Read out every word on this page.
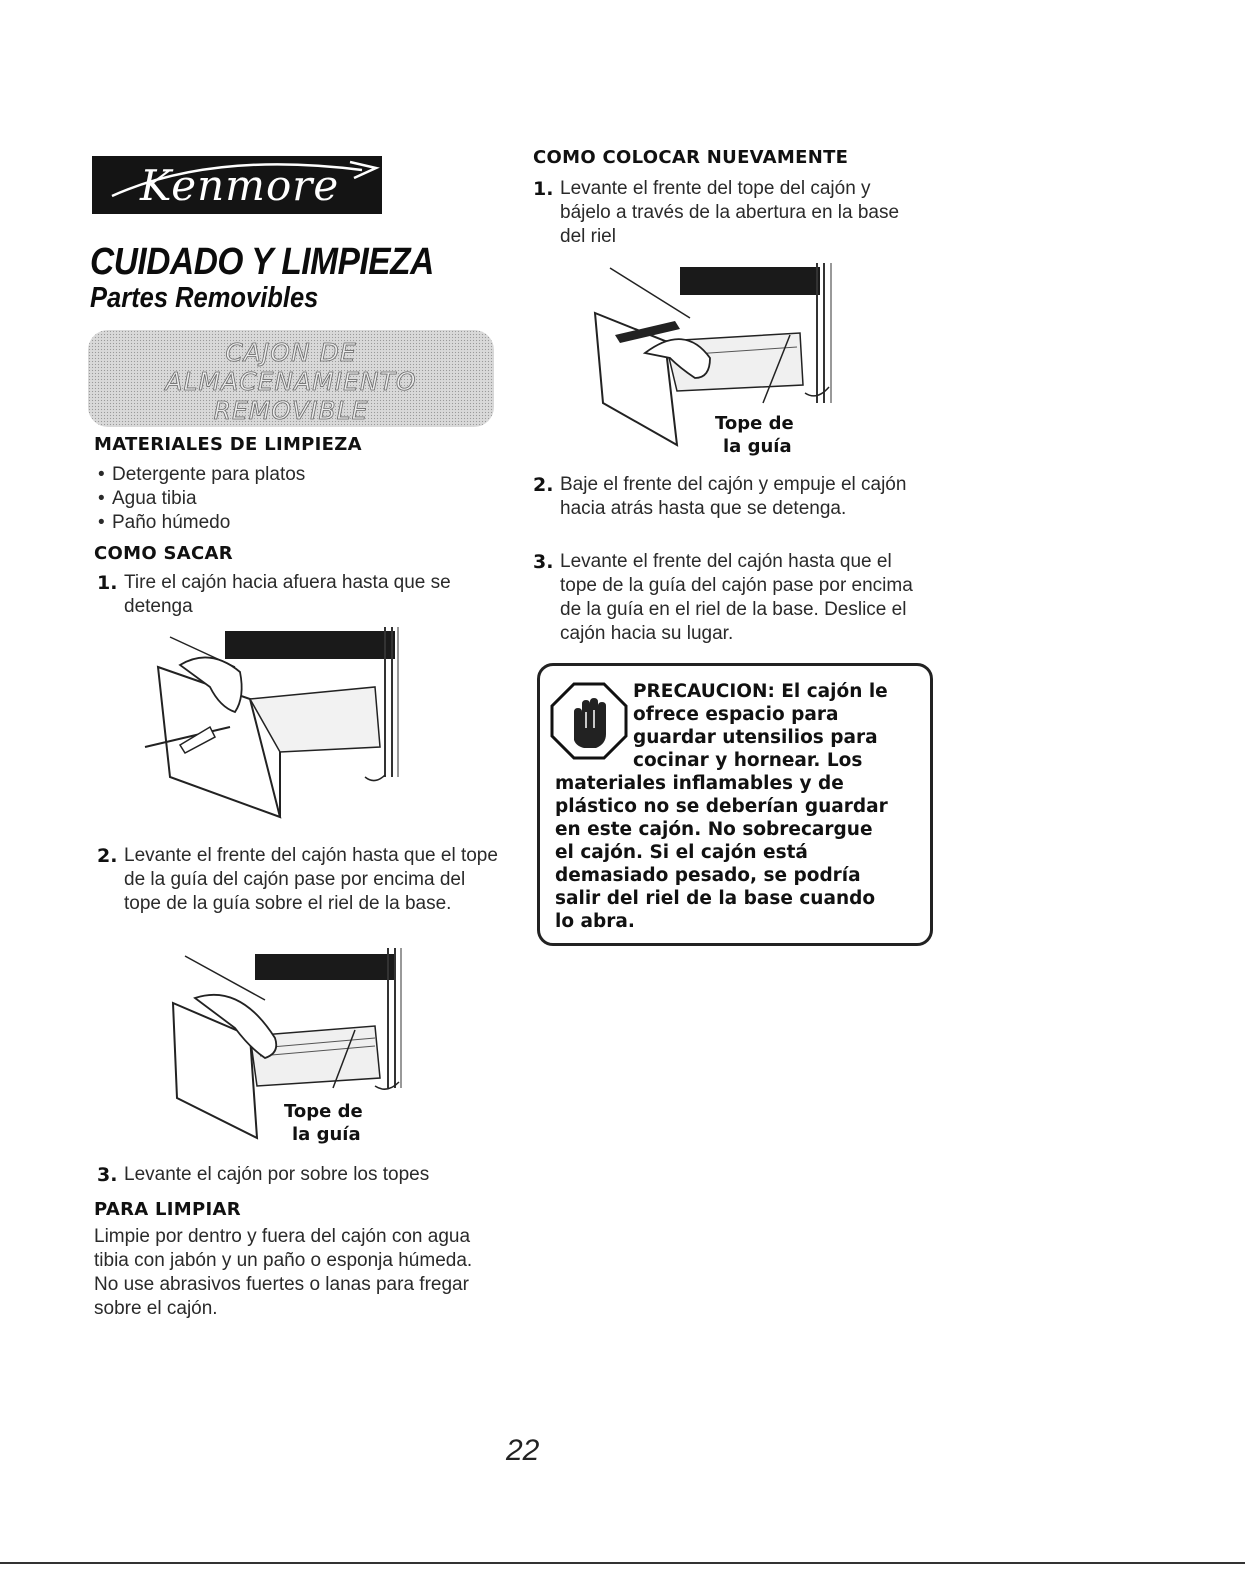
Kenmore
CUIDADO Y LIMPIEZA
Partes Removibles
CAJON DE
ALMACENAMIENTO
REMOVIBLE
MATERIALES DE LIMPIEZA
• Detergente para platos
• Agua tibia
• Paño húmedo
COMO SACAR
1. Tire el cajón hacia afuera hasta que se detenga
2. Levante el frente del cajón hasta que el tope de la guía del cajón pase por encima del tope de la guía sobre el riel de la base.
Tope de
la guía
3. Levante el cajón por sobre los topes
PARA LIMPIAR
Limpie por dentro y fuera del cajón con agua tibia con jabón y un paño o esponja húmeda. No use abrasivos fuertes o lanas para fregar sobre el cajón.
COMO COLOCAR NUEVAMENTE
1. Levante el frente del tope del cajón y bájelo a través de la abertura en la base del riel
Tope de
la guía
2. Baje el frente del cajón y empuje el cajón hacia atrás hasta que se detenga.
3. Levante el frente del cajón hasta que el tope de la guía del cajón pase por encima de la guía en el riel de la base. Deslice el cajón hacia su lugar.
PRECAUCION: El cajón le
ofrece espacio para
guardar utensilios para
cocinar y hornear. Los
materiales inflamables y de
plástico no se deberían guardar
en este cajón. No sobrecargue
el cajón. Si el cajón está
demasiado pesado, se podría
salir del riel de la base cuando
lo abra.
22
